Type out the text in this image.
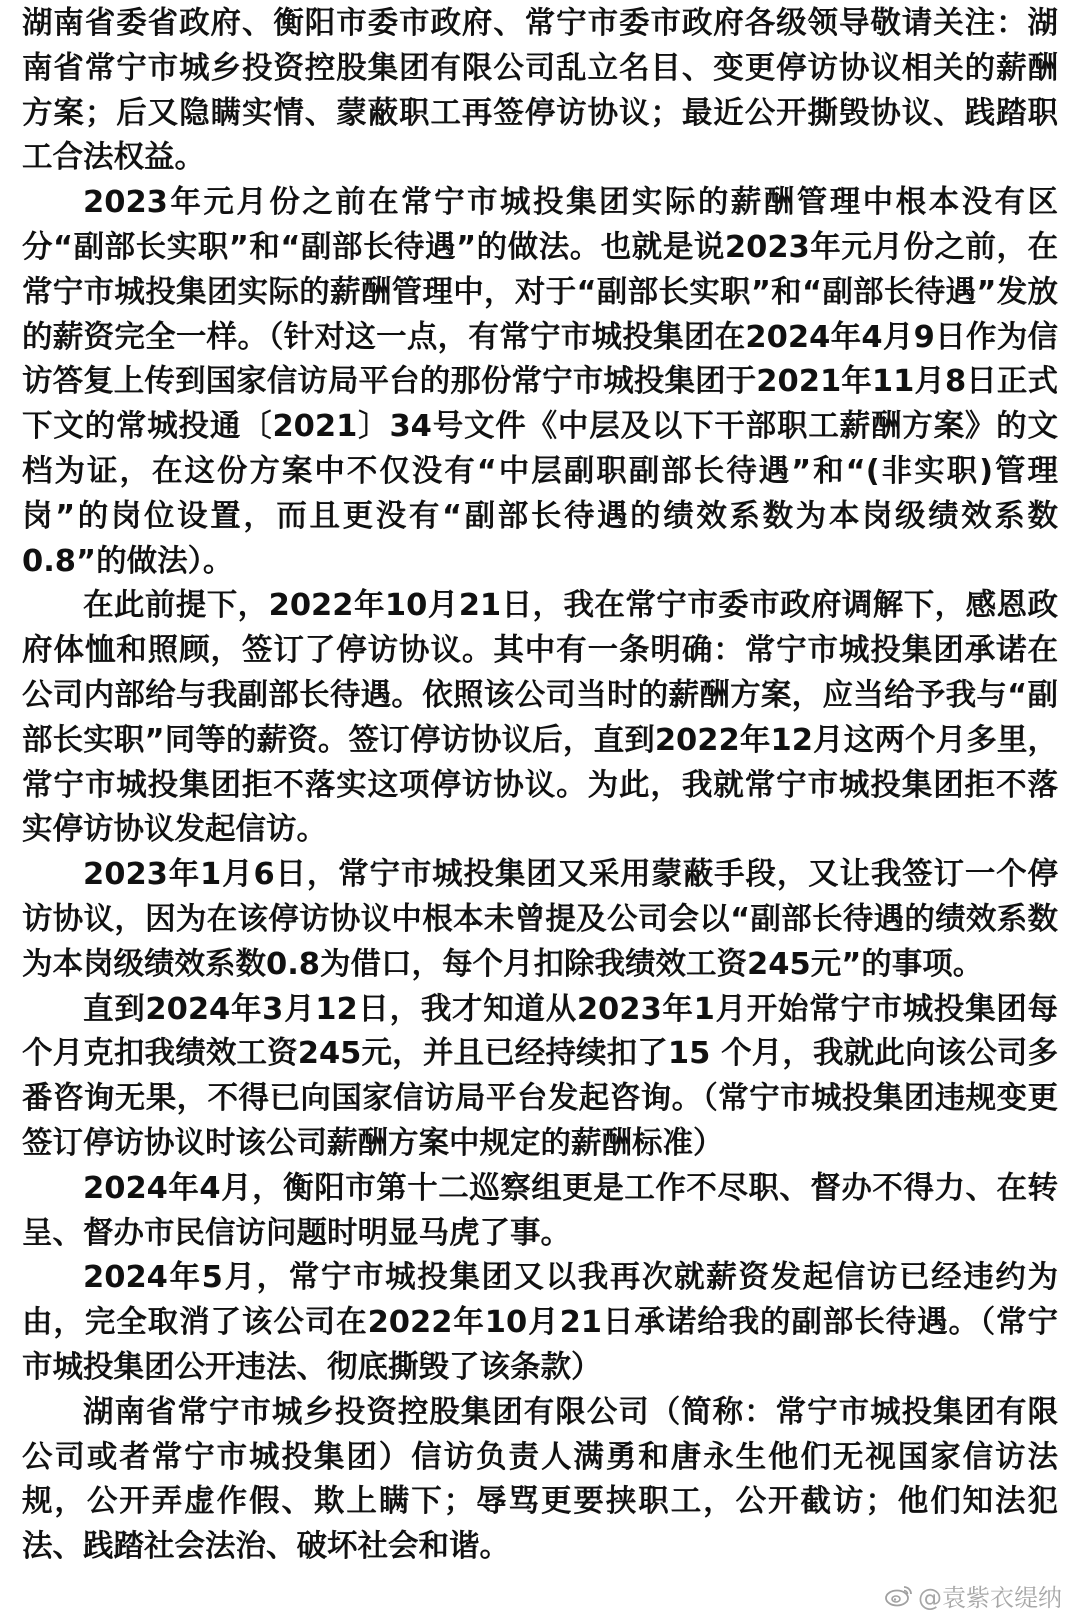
湖南省委省政府、衡阳市委市政府、常宁市委市政府各级领导敬请关注：湖南省常宁市城乡投资控股集团有限公司乱立名目、变更停访协议相关的薪酬方案；后又隐瞒实情、蒙蔽职工再签停访协议；最近公开撕毁协议、践踏职工合法权益。

2023年元月份之前在常宁市城投集团实际的薪酬管理中根本没有区分“副部长实职”和“副部长待遇”的做法。也就是说2023年元月份之前，在常宁市城投集团实际的薪酬管理中，对于“副部长实职”和“副部长待遇”发放的薪资完全一样。（针对这一点，有常宁市城投集团在2024年4月9日作为信访答复上传到国家信访局平台的那份常宁市城投集团于2021年11月8日正式下文的常城投通〔2021〕34号文件《中层及以下干部职工薪酬方案》的文档为证，在这份方案中不仅没有“中层副职副部长待遇”和“(非实职)管理岗”的岗位设置，而且更没有“副部长待遇的绩效系数为本岗级绩效系数0.8”的做法）。

在此前提下，2022年10月21日，我在常宁市委市政府调解下，感恩政府体恤和照顾，签订了停访协议。其中有一条明确：常宁市城投集团承诺在公司内部给与我副部长待遇。依照该公司当时的薪酬方案，应当给予我与“副部长实职”同等的薪资。签订停访协议后，直到2022年12月这两个月多里，常宁市城投集团拒不落实这项停访协议。为此，我就常宁市城投集团拒不落实停访协议发起信访。

2023年1月6日，常宁市城投集团又采用蒙蔽手段，又让我签订一个停访协议，因为在该停访协议中根本未曾提及公司会以“副部长待遇的绩效系数为本岗级绩效系数0.8为借口，每个月扣除我绩效工资245元”的事项。

直到2024年3月12日，我才知道从2023年1月开始常宁市城投集团每个月克扣我绩效工资245元，并且已经持续扣了15 个月，我就此向该公司多番咨询无果，不得已向国家信访局平台发起咨询。（常宁市城投集团违规变更签订停访协议时该公司薪酬方案中规定的薪酬标准）

2024年4月，衡阳市第十二巡察组更是工作不尽职、督办不得力、在转呈、督办市民信访问题时明显马虎了事。

2024年5月，常宁市城投集团又以我再次就薪资发起信访已经违约为由，完全取消了该公司在2022年10月21日承诺给我的副部长待遇。（常宁市城投集团公开违法、彻底撕毁了该条款）

湖南省常宁市城乡投资控股集团有限公司（简称：常宁市城投集团有限公司或者常宁市城投集团）信访负责人满勇和唐永生他们无视国家信访法规，公开弄虚作假、欺上瞒下；辱骂更要挟职工，公开截访；他们知法犯法、践踏社会法治、破坏社会和谐。

@袁紫衣缇纳
